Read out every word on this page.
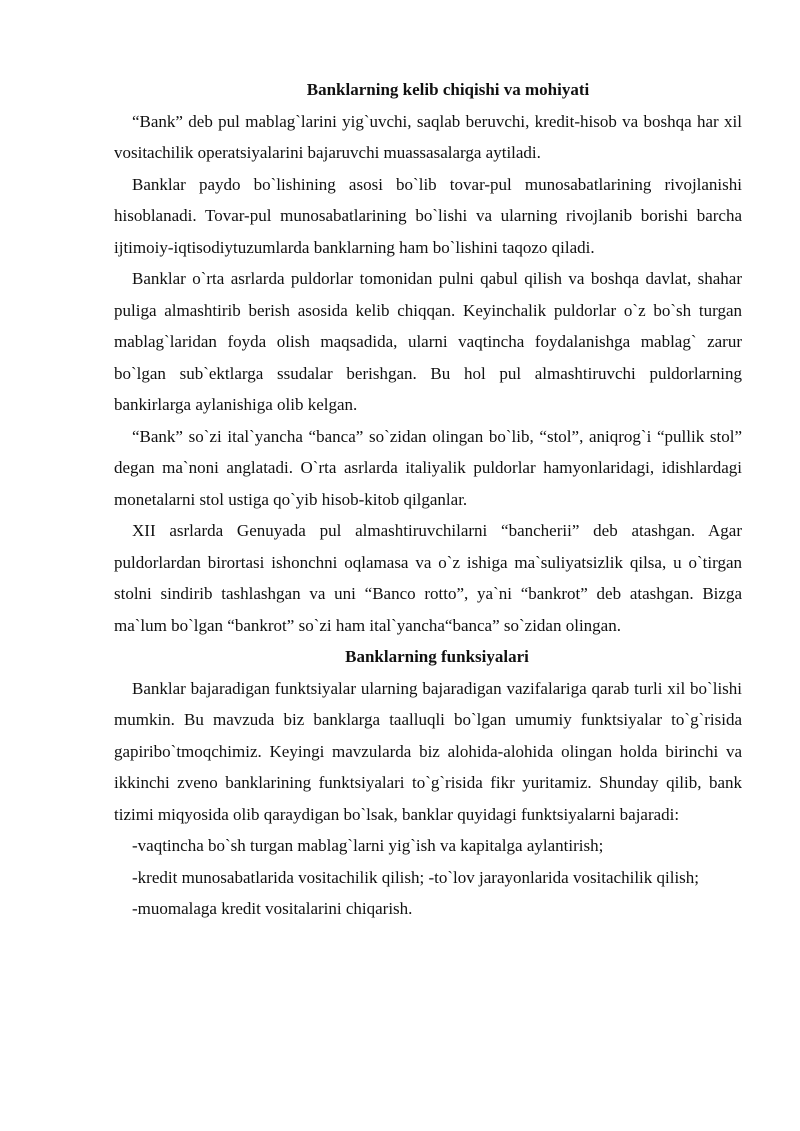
Banklarning kelib chiqishi va mohiyati

“Bank” deb pul mablag`larini yig`uvchi, saqlab beruvchi, kredit-hisob va boshqa har xil vositachilik operatsiyalarini bajaruvchi muassasalarga aytiladi.

Banklar paydo bo`lishining asosi bo`lib tovar-pul munosabatlarining rivojlanishi hisoblanadi. Tovar-pul munosabatlarining bo`lishi va ularning rivojlanib borishi barcha ijtimoiy-iqtisodiytuzumlarda banklarning ham bo`lishini taqozo qiladi.

Banklar o`rta asrlarda puldorlar tomonidan pulni qabul qilish va boshqa davlat, shahar puliga almashtirib berish asosida kelib chiqqan. Keyinchalik puldorlar o`z bo`sh turgan mablag`laridan foyda olish maqsadida, ularni vaqtincha foydalanishga mablag` zarur bo`lgan sub`ektlarga ssudalar berishgan. Bu hol pul almashtiruvchi puldorlarning bankirlarga aylanishiga olib kelgan.

“Bank” so`zi ital`yancha “banca” so`zidan olingan bo`lib, “stol”, aniqrog`i “pullik stol” degan ma`noni anglatadi. O`rta asrlarda italiyalik puldorlar hamyonlaridagi, idishlardagi monetalarni stol ustiga qo`yib hisob-kitob qilganlar.

XII asrlarda Genuyada pul almashtiruvchilarni “bancherii” deb atashgan. Agar puldorlardan birortasi ishonchni oqlamasa va o`z ishiga ma`suliyatsizlik qilsa, u o`tirgan stolni sindirib tashlashgan va uni “Banco rotto”, ya`ni “bankrot” deb atashgan. Bizga ma`lum bo`lgan “bankrot” so`zi ham ital`yancha“banca” so`zidan olingan.

Banklarning funksiyalari

Banklar bajaradigan funktsiyalar ularning bajaradigan vazifalariga qarab turli xil bo`lishi mumkin. Bu mavzuda biz banklarga taalluqli bo`lgan umumiy funktsiyalar to`g`risida gapiribo`tmoqchimiz. Keyingi mavzularda biz alohida-alohida olingan holda birinchi va ikkinchi zveno banklarining funktsiyalari to`g`risida fikr yuritamiz. Shunday qilib, bank tizimi miqyosida olib qaraydigan bo`lsak, banklar quyidagi funktsiyalarni bajaradi:

-vaqtincha bo`sh turgan mablag`larni yig`ish va kapitalga aylantirish;

-kredit munosabatlarida vositachilik qilish; -to`lov jarayonlarida vositachilik qilish;

-muomalaga kredit vositalarini chiqarish.
